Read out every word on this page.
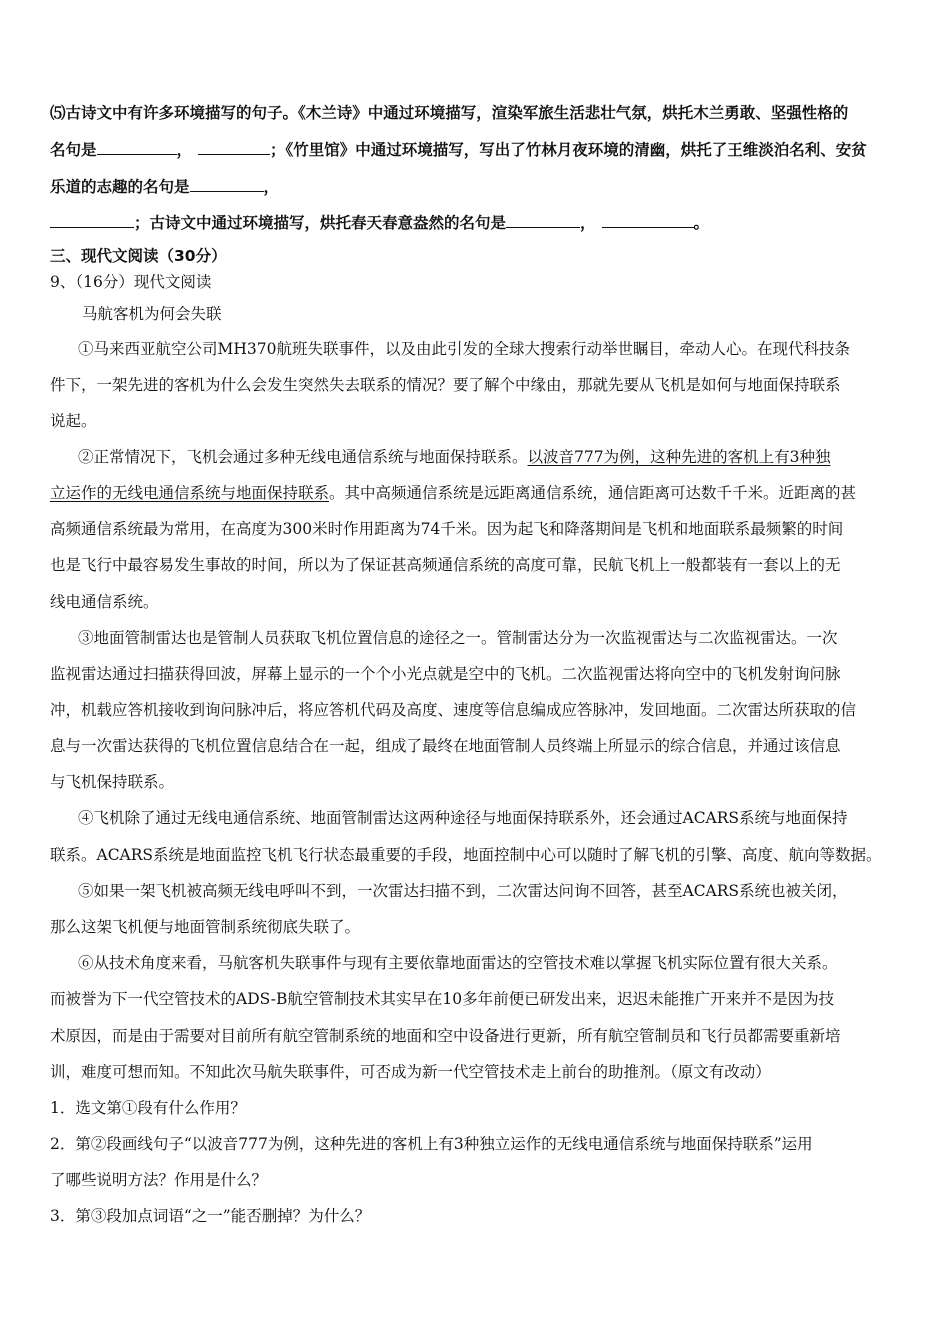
⑸古诗文中有许多环境描写的句子。《木兰诗》中通过环境描写，渲染军旅生活悲壮气氛，烘托木兰勇敢、坚强性格的
名句是	，	；《竹里馆》中通过环境描写，写出了竹林月夜环境的清幽，烘托了王维淡泊名利、安贫
乐道的志趣的名句是	，
；古诗文中通过环境描写，烘托春天春意盎然的名句是	，	。
三、现代文阅读（30分）
9、（16分）现代文阅读
马航客机为何会失联
①马来西亚航空公司MH370航班失联事件，以及由此引发的全球大搜索行动举世瞩目，牵动人心。在现代科技条
件下，一架先进的客机为什么会发生突然失去联系的情况？要了解个中缘由，那就先要从飞机是如何与地面保持联系
说起。
②正常情况下，飞机会通过多种无线电通信系统与地面保持联系。以波音777为例，这种先进的客机上有3种独
立运作的无线电通信系统与地面保持联系。其中高频通信系统是远距离通信系统，通信距离可达数千千米。近距离的甚
高频通信系统最为常用，在高度为300米时作用距离为74千米。因为起飞和降落期间是飞机和地面联系最频繁的时间
也是飞行中最容易发生事故的时间，所以为了保证甚高频通信系统的高度可靠，民航飞机上一般都装有一套以上的无
线电通信系统。
③地面管制雷达也是管制人员获取飞机位置信息的途径之一。管制雷达分为一次监视雷达与二次监视雷达。一次
监视雷达通过扫描获得回波，屏幕上显示的一个个小光点就是空中的飞机。二次监视雷达将向空中的飞机发射询问脉
冲，机载应答机接收到询问脉冲后，将应答机代码及高度、速度等信息编成应答脉冲，发回地面。二次雷达所获取的信
息与一次雷达获得的飞机位置信息结合在一起，组成了最终在地面管制人员终端上所显示的综合信息，并通过该信息
与飞机保持联系。
④飞机除了通过无线电通信系统、地面管制雷达这两种途径与地面保持联系外，还会通过ACARS系统与地面保持
联系。ACARS系统是地面监控飞机飞行状态最重要的手段，地面控制中心可以随时了解飞机的引擎、高度、航向等数据。
⑤如果一架飞机被高频无线电呼叫不到，一次雷达扫描不到，二次雷达问询不回答，甚至ACARS系统也被关闭，
那么这架飞机便与地面管制系统彻底失联了。
⑥从技术角度来看，马航客机失联事件与现有主要依靠地面雷达的空管技术难以掌握飞机实际位置有很大关系。
而被誉为下一代空管技术的ADS-B航空管制技术其实早在10多年前便已研发出来，迟迟未能推广开来并不是因为技
术原因，而是由于需要对目前所有航空管制系统的地面和空中设备进行更新，所有航空管制员和飞行员都需要重新培
训，难度可想而知。不知此次马航失联事件，可否成为新一代空管技术走上前台的助推剂。（原文有改动）
1．选文第①段有什么作用？
2．第②段画线句子“以波音777为例，这种先进的客机上有3种独立运作的无线电通信系统与地面保持联系”运用
了哪些说明方法？作用是什么？
3．第③段加点词语“之一”能否删掉？为什么？
